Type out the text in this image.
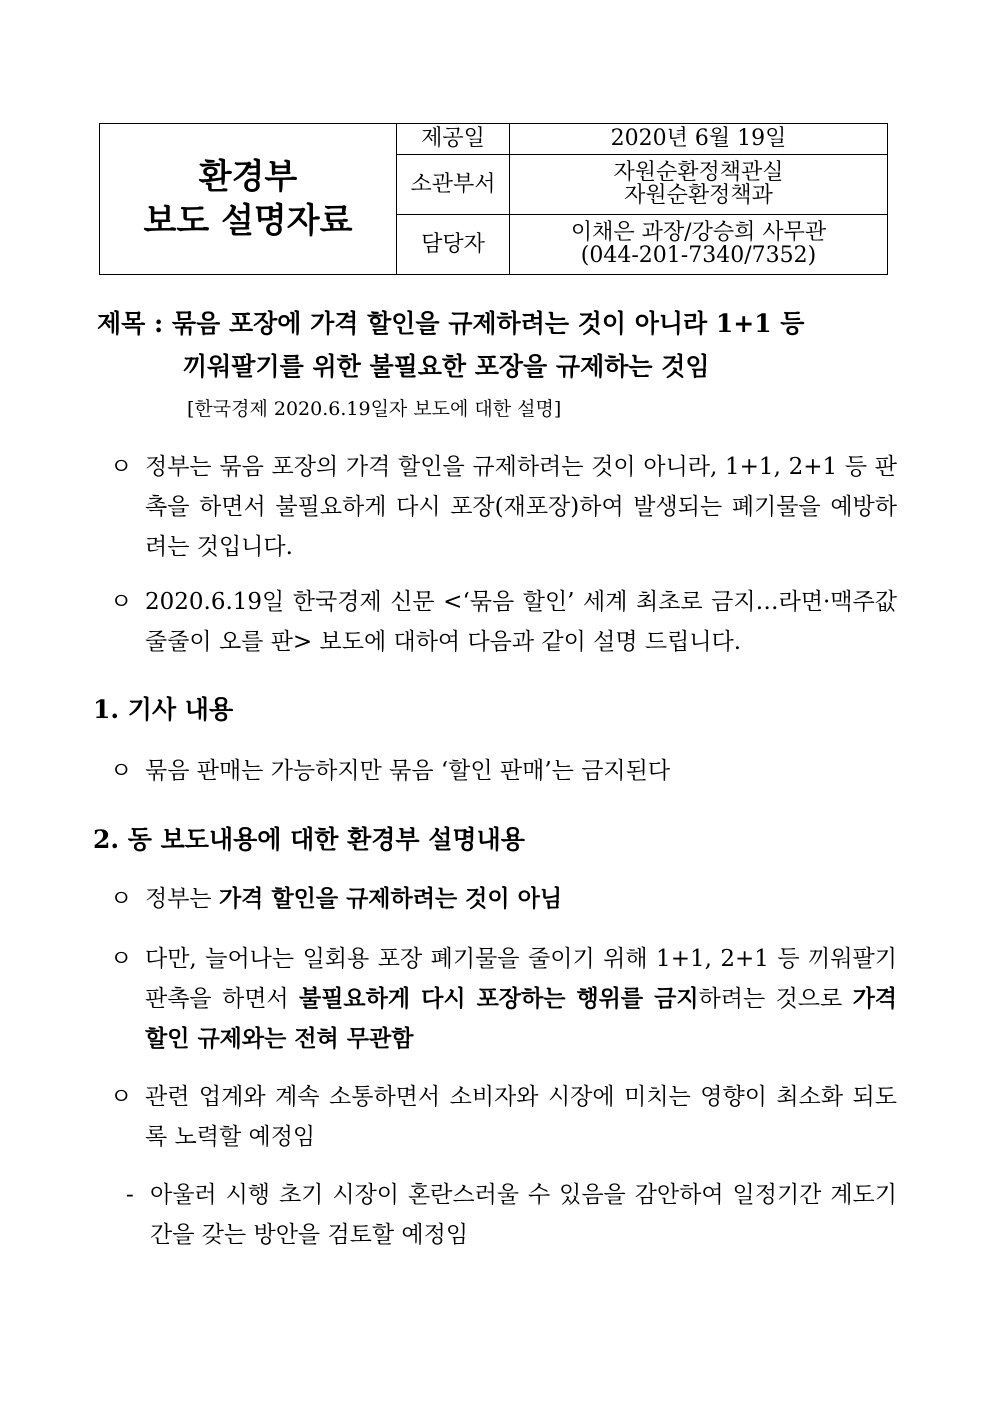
환경부
보도 설명자료	제공일	2020년 6월 19일
	소관부서	자원순환정책관실
자원순환정책과

	담당자	이채은 과장/강승희 사무관
(044-201-7340/7352)
제목 : 묶음 포장에 가격 할인을 규제하려는 것이 아니라 1+1 등
끼워팔기를 위한 불필요한 포장을 규제하는 것임
[한국경제 2020.6.19일자 보도에 대한 설명]
ㅇ 정부는 묶음 포장의 가격 할인을 규제하려는 것이 아니라, 1+1, 2+1 등 판촉을 하면서 불필요하게 다시 포장(재포장)하여 발생되는 폐기물을 예방하려는 것입니다.
ㅇ 2020.6.19일 한국경제 신문 <‘묶음 할인’ 세계 최초로 금지…라면·맥주값 줄줄이 오를 판> 보도에 대하여 다음과 같이 설명 드립니다.
1. 기사 내용
ㅇ 묶음 판매는 가능하지만 묶음 ‘할인 판매’는 금지된다
2. 동 보도내용에 대한 환경부 설명내용
ㅇ 정부는 가격 할인을 규제하려는 것이 아님
ㅇ 다만, 늘어나는 일회용 포장 폐기물을 줄이기 위해 1+1, 2+1 등 끼워팔기 판촉을 하면서 불필요하게 다시 포장하는 행위를 금지하려는 것으로 가격 할인 규제와는 전혀 무관함
ㅇ 관련 업계와 계속 소통하면서 소비자와 시장에 미치는 영향이 최소화 되도록 노력할 예정임
- 아울러 시행 초기 시장이 혼란스러울 수 있음을 감안하여 일정기간 계도기간을 갖는 방안을 검토할 예정임
